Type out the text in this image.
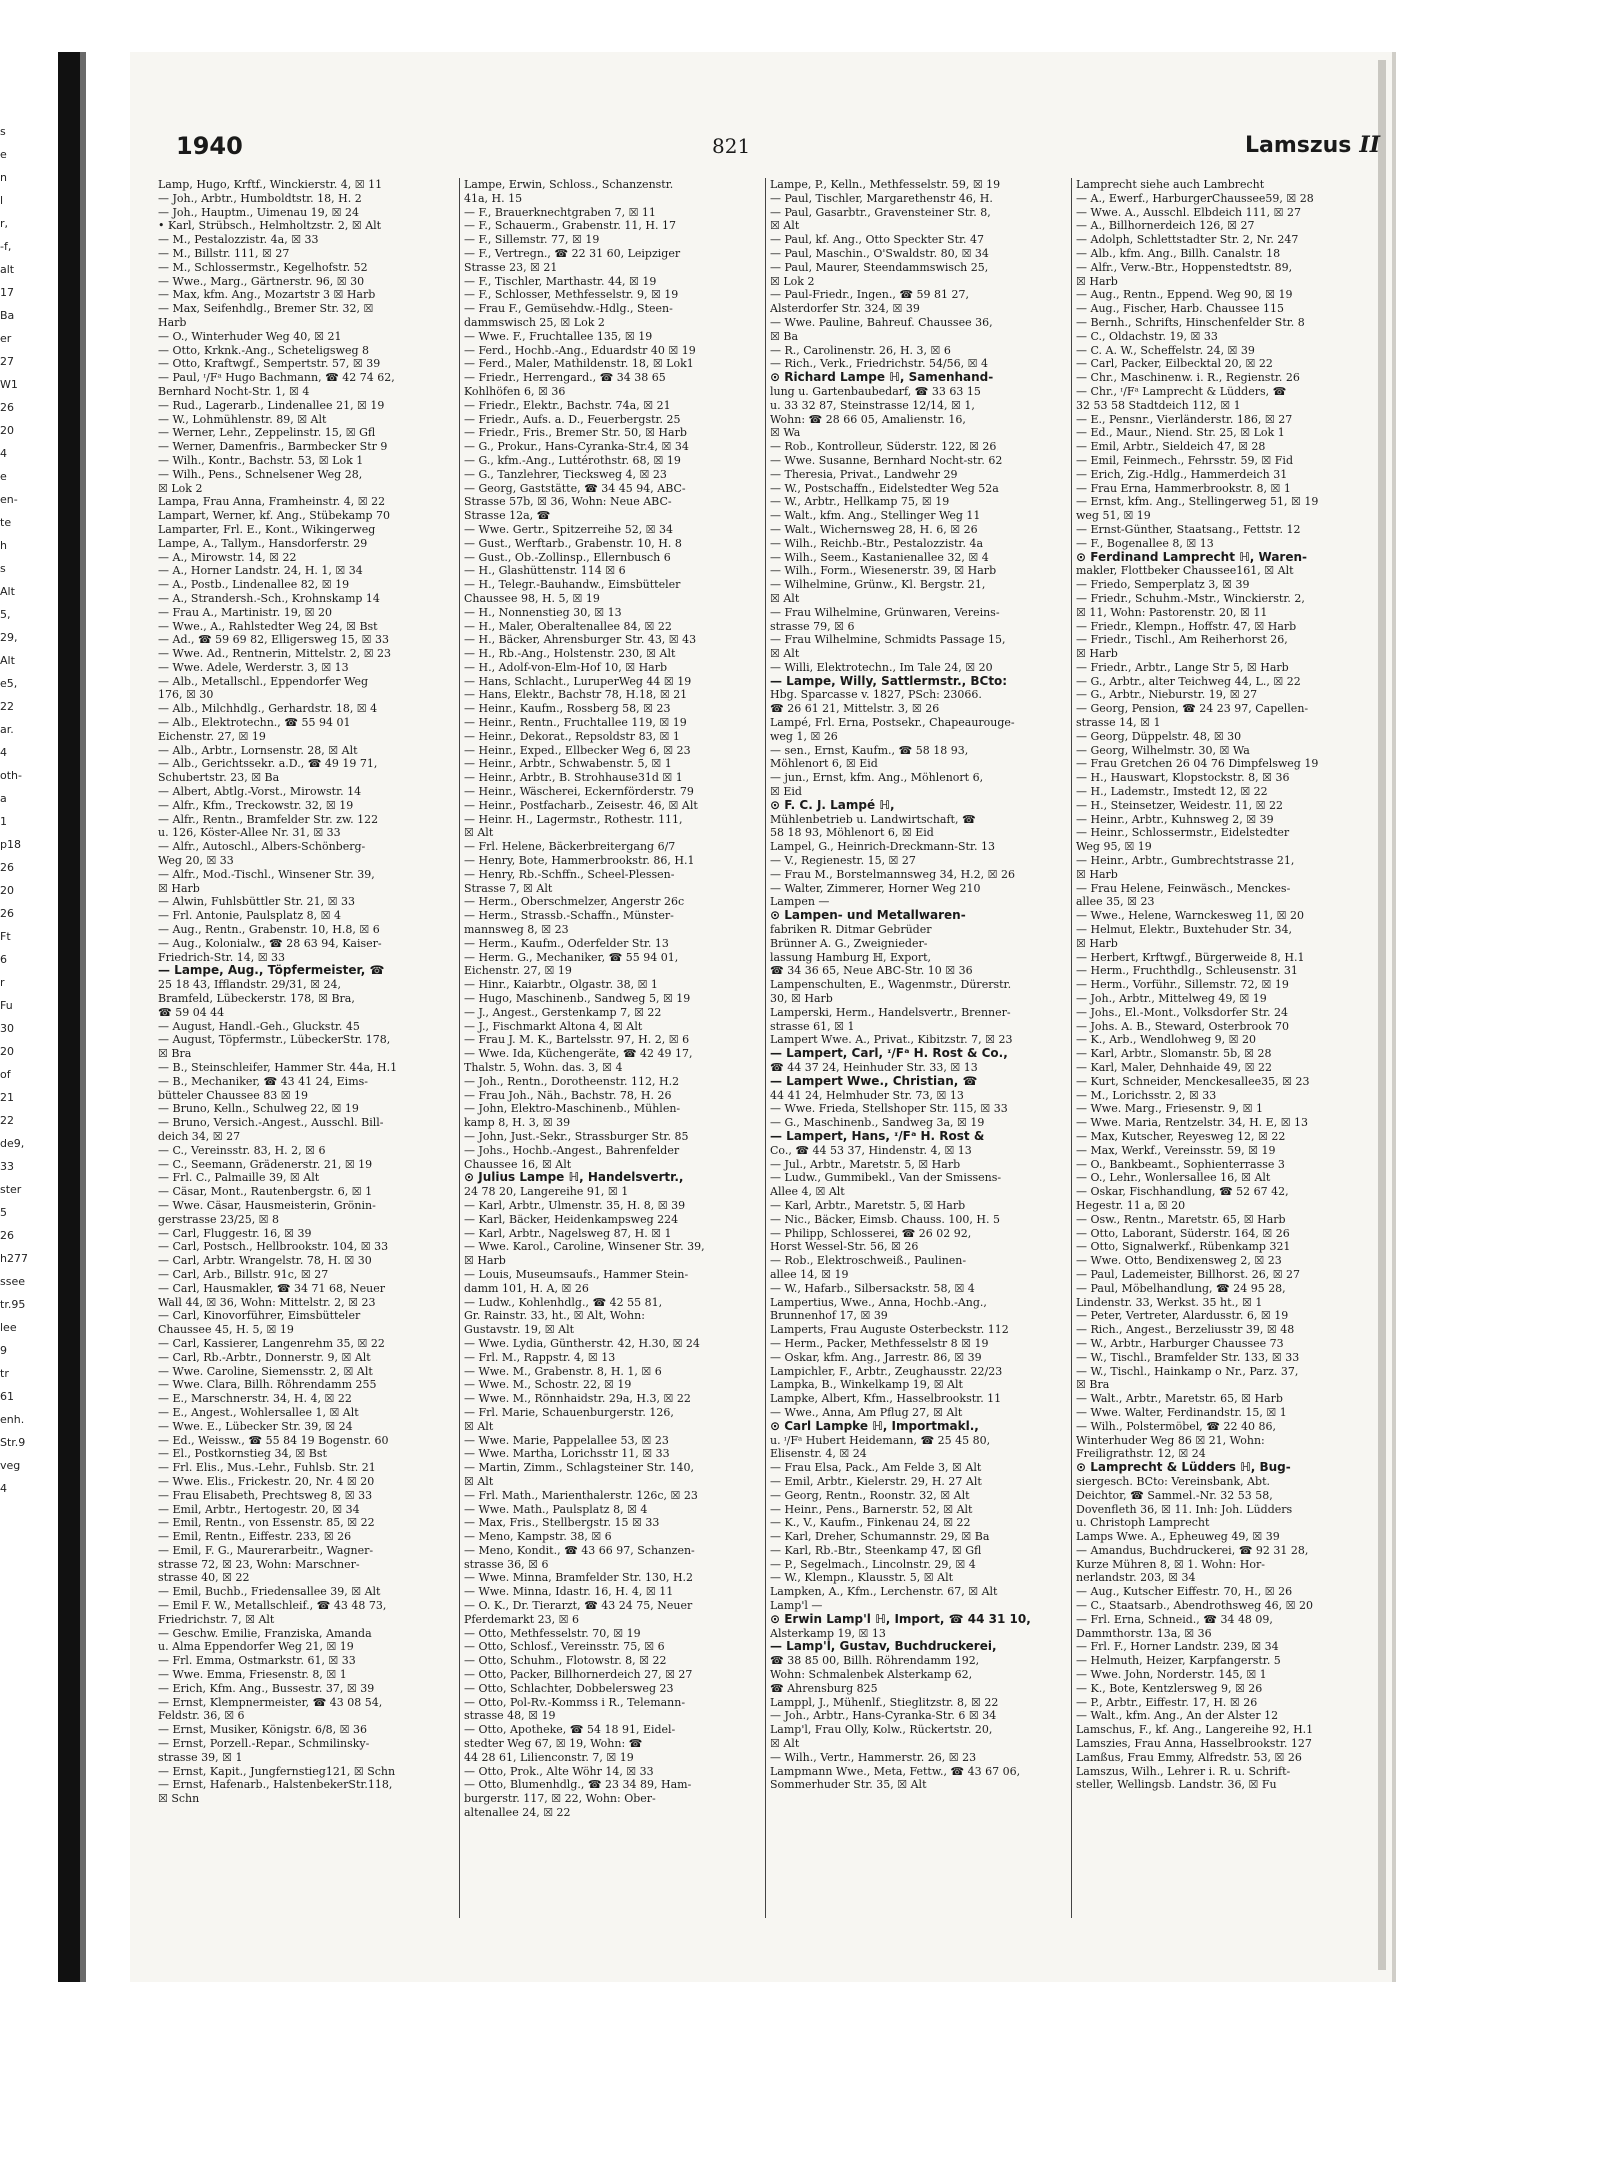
s
e
n
l
r,
-f,
alt
17
Ba
er
27
W1
26
20
4 e
en-
te
h
s
Alt
5,
29,
Alt
e5,
22
ar.
4
oth-
a
1
p18
26
20
26
Ft
6
r
Fu
30
20
of 21
22
de9,
33
ster
5
26
h277
ssee
tr.95
lee 9
tr 61
enh.
Str.9
veg 4
1940	821	Lamszus II
Lamp, Hugo, Krftf., Winckierstr. 4, ☒ 11
— Joh., Arbtr., Humboldtstr. 18, H. 2
— Joh., Hauptm., Uimenau 19, ☒ 24
• Karl, Strübsch., Helmholtzstr. 2, ☒ Alt
— M., Pestalozzistr. 4a, ☒ 33
— M., Billstr. 111, ☒ 27
— M., Schlossermstr., Kegelhofstr. 52
— Wwe., Marg., Gärtnerstr. 96, ☒ 30
— Max, kfm. Ang., Mozartstr 3 ☒ Harb
— Max, Seifenhdlg., Bremer Str. 32, ☒
Harb
— O., Winterhuder Weg 40, ☒ 21
— Otto, Krknk.-Ang., Scheteligsweg 8
— Otto, Kraftwgf., Sempertstr. 57, ☒ 39
— Paul, ᶦ/Fᵃ Hugo Bachmann, ☎ 42 74 62,
Bernhard Nocht-Str. 1, ☒ 4
— Rud., Lagerarb., Lindenallee 21, ☒ 19
— W., Lohmühlenstr. 89, ☒ Alt
— Werner, Lehr., Zeppelinstr. 15, ☒ Gfl
— Werner, Damenfris., Barmbecker Str 9
— Wilh., Kontr., Bachstr. 53, ☒ Lok 1
— Wilh., Pens., Schnelsener Weg 28,
☒ Lok 2
Lampa, Frau Anna, Framheinstr. 4, ☒ 22
Lampart, Werner, kf. Ang., Stübekamp 70
Lamparter, Frl. E., Kont., Wikingerweg
Lampe, A., Tallym., Hansdorferstr. 29
— A., Mirowstr. 14, ☒ 22
— A., Horner Landstr. 24, H. 1, ☒ 34
— A., Postb., Lindenallee 82, ☒ 19
— A., Strandersh.-Sch., Krohnskamp 14
— Frau A., Martinistr. 19, ☒ 20
— Wwe., A., Rahlstedter Weg 24, ☒ Bst
— Ad., ☎ 59 69 82, Elligersweg 15, ☒ 33
— Wwe. Ad., Rentnerin, Mittelstr. 2, ☒ 23
— Wwe. Adele, Werderstr. 3, ☒ 13
— Alb., Metallschl., Eppendorfer Weg
176, ☒ 30
— Alb., Milchhdlg., Gerhardstr. 18, ☒ 4
— Alb., Elektrotechn., ☎ 55 94 01
Eichenstr. 27, ☒ 19
— Alb., Arbtr., Lornsenstr. 28, ☒ Alt
— Alb., Gerichtssekr. a.D., ☎ 49 19 71,
Schubertstr. 23, ☒ Ba
— Albert, Abtlg.-Vorst., Mirowstr. 14
— Alfr., Kfm., Treckowstr. 32, ☒ 19
— Alfr., Rentn., Bramfelder Str. zw. 122
u. 126, Köster-Allee Nr. 31, ☒ 33
— Alfr., Autoschl., Albers-Schönberg-
Weg 20, ☒ 33
— Alfr., Mod.-Tischl., Winsener Str. 39,
☒ Harb
— Alwin, Fuhlsbüttler Str. 21, ☒ 33
— Frl. Antonie, Paulsplatz 8, ☒ 4
— Aug., Rentn., Grabenstr. 10, H.8, ☒ 6
— Aug., Kolonialw., ☎ 28 63 94, Kaiser-
Friedrich-Str. 14, ☒ 33
— Lampe, Aug., Töpfermeister, ☎
25 18 43, Ifflandstr. 29/31, ☒ 24,
Bramfeld, Lübeckerstr. 178, ☒ Bra,
☎ 59 04 44
— August, Handl.-Geh., Gluckstr. 45
— August, Töpfermstr., LübeckerStr. 178,
☒ Bra
— B., Steinschleifer, Hammer Str. 44a, H.1
— B., Mechaniker, ☎ 43 41 24, Eims-
bütteler Chaussee 83 ☒ 19
— Bruno, Kelln., Schulweg 22, ☒ 19
— Bruno, Versich.-Angest., Ausschl. Bill-
deich 34, ☒ 27
— C., Vereinsstr. 83, H. 2, ☒ 6
— C., Seemann, Grädenerstr. 21, ☒ 19
— Frl. C., Palmaille 39, ☒ Alt
— Cäsar, Mont., Rautenbergstr. 6, ☒ 1
— Wwe. Cäsar, Hausmeisterin, Grönin-
gerstrasse 23/25, ☒ 8
— Carl, Fluggestr. 16, ☒ 39
— Carl, Postsch., Hellbrookstr. 104, ☒ 33
— Carl, Arbtr. Wrangelstr. 78, H. ☒ 30
— Carl, Arb., Billstr. 91c, ☒ 27
— Carl, Hausmakler, ☎ 34 71 68, Neuer
Wall 44, ☒ 36, Wohn: Mittelstr. 2, ☒ 23
— Carl, Kinovorführer, Eimsbütteler
Chaussee 45, H. 5, ☒ 19
— Carl, Kassierer, Langenrehm 35, ☒ 22
— Carl, Rb.-Arbtr., Donnerstr. 9, ☒ Alt
— Wwe. Caroline, Siemensstr. 2, ☒ Alt
— Wwe. Clara, Billh. Röhrendamm 255
— E., Marschnerstr. 34, H. 4, ☒ 22
— E., Angest., Wohlersallee 1, ☒ Alt
— Wwe. E., Lübecker Str. 39, ☒ 24
— Ed., Weissw., ☎ 55 84 19 Bogenstr. 60
— El., Postkornstieg 34, ☒ Bst
— Frl. Elis., Mus.-Lehr., Fuhlsb. Str. 21
— Wwe. Elis., Frickestr. 20, Nr. 4 ☒ 20
— Frau Elisabeth, Prechtsweg 8, ☒ 33
— Emil, Arbtr., Hertogestr. 20, ☒ 34
— Emil, Rentn., von Essenstr. 85, ☒ 22
— Emil, Rentn., Eiffestr. 233, ☒ 26
— Emil, F. G., Maurerarbeitr., Wagner-
strasse 72, ☒ 23, Wohn: Marschner-
strasse 40, ☒ 22
— Emil, Buchb., Friedensallee 39, ☒ Alt
— Emil F. W., Metallschleif., ☎ 43 48 73,
Friedrichstr. 7, ☒ Alt
— Geschw. Emilie, Franziska, Amanda
u. Alma Eppendorfer Weg 21, ☒ 19
— Frl. Emma, Ostmarkstr. 61, ☒ 33
— Wwe. Emma, Friesenstr. 8, ☒ 1
— Erich, Kfm. Ang., Bussestr. 37, ☒ 39
— Ernst, Klempnermeister, ☎ 43 08 54,
Feldstr. 36, ☒ 6
— Ernst, Musiker, Königstr. 6/8, ☒ 36
— Ernst, Porzell.-Repar., Schmilinsky-
strasse 39, ☒ 1
— Ernst, Kapit., Jungfernstieg121, ☒ Schn
— Ernst, Hafenarb., HalstenbekerStr.118,
☒ Schn
Lampe, Erwin, Schloss., Schanzenstr.
41a, H. 15
— F., Brauerknechtgraben 7, ☒ 11
— F., Schauerm., Grabenstr. 11, H. 17
— F., Sillemstr. 77, ☒ 19
— F., Vertregn., ☎ 22 31 60, Leipziger
Strasse 23, ☒ 21
— F., Tischler, Marthastr. 44, ☒ 19
— F., Schlosser, Methfesselstr. 9, ☒ 19
— Frau F., Gemüsehdw.-Hdlg., Steen-
dammswisch 25, ☒ Lok 2
— Wwe. F., Fruchtallee 135, ☒ 19
— Ferd., Hochb.-Ang., Eduardstr 40 ☒ 19
— Ferd., Maler, Mathildenstr. 18, ☒ Lok1
— Friedr., Herrengard., ☎ 34 38 65
Kohlhöfen 6, ☒ 36
— Friedr., Elektr., Bachstr. 74a, ☒ 21
— Friedr., Aufs. a. D., Feuerbergstr. 25
— Friedr., Fris., Bremer Str. 50, ☒ Harb
— G., Prokur., Hans-Cyranka-Str.4, ☒ 34
— G., kfm.-Ang., Luttérothstr. 68, ☒ 19
— G., Tanzlehrer, Tiecksweg 4, ☒ 23
— Georg, Gaststätte, ☎ 34 45 94, ABC-
Strasse 57b, ☒ 36, Wohn: Neue ABC-
Strasse 12a, ☎
— Wwe. Gertr., Spitzerreihe 52, ☒ 34
— Gust., Werftarb., Grabenstr. 10, H. 8
— Gust., Ob.-Zollinsp., Ellernbusch 6
— H., Glashüttenstr. 114 ☒ 6
— H., Telegr.-Bauhandw., Eimsbütteler
Chaussee 98, H. 5, ☒ 19
— H., Nonnenstieg 30, ☒ 13
— H., Maler, Oberaltenallee 84, ☒ 22
— H., Bäcker, Ahrensburger Str. 43, ☒ 43
— H., Rb.-Ang., Holstenstr. 230, ☒ Alt
— H., Adolf-von-Elm-Hof 10, ☒ Harb
— Hans, Schlacht., LuruperWeg 44 ☒ 19
— Hans, Elektr., Bachstr 78, H.18, ☒ 21
— Heinr., Kaufm., Rossberg 58, ☒ 23
— Heinr., Rentn., Fruchtallee 119, ☒ 19
— Heinr., Dekorat., Repsoldstr 83, ☒ 1
— Heinr., Exped., Ellbecker Weg 6, ☒ 23
— Heinr., Arbtr., Schwabenstr. 5, ☒ 1
— Heinr., Arbtr., B. Strohhause31d ☒ 1
— Heinr., Wäscherei, Eckernförderstr. 79
— Heinr., Postfacharb., Zeisestr. 46, ☒ Alt
— Heinr. H., Lagermstr., Rothestr. 111,
☒ Alt
— Frl. Helene, Bäckerbreitergang 6/7
— Henry, Bote, Hammerbrookstr. 86, H.1
— Henry, Rb.-Schffn., Scheel-Plessen-
Strasse 7, ☒ Alt
— Herm., Oberschmelzer, Angerstr 26c
— Herm., Strassb.-Schaffn., Münster-
mannsweg 8, ☒ 23
— Herm., Kaufm., Oderfelder Str. 13
— Herm. G., Mechaniker, ☎ 55 94 01,
Eichenstr. 27, ☒ 19
— Hinr., Kaiarbtr., Olgastr. 38, ☒ 1
— Hugo, Maschinenb., Sandweg 5, ☒ 19
— J., Angest., Gerstenkamp 7, ☒ 22
— J., Fischmarkt Altona 4, ☒ Alt
— Frau J. M. K., Bartelsstr. 97, H. 2, ☒ 6
— Wwe. Ida, Küchengerätе, ☎ 42 49 17,
Thalstr. 5, Wohn. das. 3, ☒ 4
— Joh., Rentn., Dorotheenstr. 112, H.2
— Frau Joh., Näh., Bachstr. 78, H. 26
— John, Elektro-Maschinenb., Mühlen-
kamp 8, H. 3, ☒ 39
— John, Just.-Sekr., Strassburger Str. 85
— Johs., Hochb.-Angest., Bahrenfelder
Chaussee 16, ☒ Alt
⊙ Julius Lampe ℍ, Handelsvertr.,
24 78 20, Langereihe 91, ☒ 1
— Karl, Arbtr., Ulmenstr. 35, H. 8, ☒ 39
— Karl, Bäcker, Heidenkampsweg 224
— Karl, Arbtr., Nagelsweg 87, H. ☒ 1
— Wwe. Karol., Caroline, Winsener Str. 39,
☒ Harb
— Louis, Museumsaufs., Hammer Stein-
damm 101, H. A, ☒ 26
— Ludw., Kohlenhdlg., ☎ 42 55 81,
Gr. Rainstr. 33, ht., ☒ Alt, Wohn:
Gustavstr. 19, ☒ Alt
— Wwe. Lydia, Güntherstr. 42, H.30, ☒ 24
— Frl. M., Rappstr. 4, ☒ 13
— Wwe. M., Grabenstr. 8, H. 1, ☒ 6
— Wwe. M., Schostr. 22, ☒ 19
— Wwe. M., Rönnhaidstr. 29a, H.3, ☒ 22
— Frl. Marie, Schauenburgerstr. 126,
☒ Alt
— Wwe. Marie, Pappelallee 53, ☒ 23
— Wwe. Martha, Lorichsstr 11, ☒ 33
— Martin, Zimm., Schlagsteiner Str. 140,
☒ Alt
— Frl. Math., Marienthalerstr. 126c, ☒ 23
— Wwe. Math., Paulsplatz 8, ☒ 4
— Max, Fris., Stellbergstr. 15 ☒ 33
— Meno, Kampstr. 38, ☒ 6
— Meno, Kondit., ☎ 43 66 97, Schanzen-
strasse 36, ☒ 6
— Wwe. Minna, Bramfelder Str. 130, H.2
— Wwe. Minna, Idastr. 16, H. 4, ☒ 11
— O. K., Dr. Tierarzt, ☎ 43 24 75, Neuer
Pferdemarkt 23, ☒ 6
— Otto, Methfesselstr. 70, ☒ 19
— Otto, Schlosf., Vereinsstr. 75, ☒ 6
— Otto, Schuhm., Flotowstr. 8, ☒ 22
— Otto, Packer, Billhornerdeich 27, ☒ 27
— Otto, Schlachter, Dobbelersweg 23
— Otto, Pol-Rv.-Kommss i R., Telemann-
strasse 48, ☒ 19
— Otto, Apotheke, ☎ 54 18 91, Eidel-
stedter Weg 67, ☒ 19, Wohn: ☎
44 28 61, Lilienconstr. 7, ☒ 19
— Otto, Prok., Alte Wöhr 14, ☒ 33
— Otto, Blumenhdlg., ☎ 23 34 89, Ham-
burgerstr. 117, ☒ 22, Wohn: Ober-
altenallee 24, ☒ 22
Lampe, P., Kelln., Methfesselstr. 59, ☒ 19
— Paul, Tischler, Margarethenstr 46, H.
— Paul, Gasarbtr., Gravensteiner Str. 8,
☒ Alt
— Paul, kf. Ang., Otto Speckter Str. 47
— Paul, Maschin., O'Swaldstr. 80, ☒ 34
— Paul, Maurer, Steendammswisch 25,
☒ Lok 2
— Paul-Friedr., Ingen., ☎ 59 81 27,
Alsterdorfer Str. 324, ☒ 39
— Wwe. Pauline, Bahreuf. Chaussee 36,
☒ Ba
— R., Carolinenstr. 26, H. 3, ☒ 6
— Rich., Verk., Friedrichstr. 54/56, ☒ 4
⊙ Richard Lampe ℍ, Samenhand-
lung u. Gartenbaubedarf, ☎ 33 63 15
u. 33 32 87, Steinstrasse 12/14, ☒ 1,
Wohn: ☎ 28 66 05, Amalienstr. 16,
☒ Wa
— Rob., Kontrolleur, Süderstr. 122, ☒ 26
— Wwe. Susanne, Bernhard Nocht-str. 62
— Theresia, Privat., Landwehr 29
— W., Postschaffn., Eidelstedter Weg 52a
— W., Arbtr., Hellkamp 75, ☒ 19
— Walt., kfm. Ang., Stellinger Weg 11
— Walt., Wichernsweg 28, H. 6, ☒ 26
— Wilh., Reichb.-Btr., Pestalozzistr. 4a
— Wilh., Seem., Kastanienallee 32, ☒ 4
— Wilh., Form., Wiesenerstr. 39, ☒ Harb
— Wilhelmine, Grünw., Kl. Bergstr. 21,
☒ Alt
— Frau Wilhelmine, Grünwaren, Vereins-
strasse 79, ☒ 6
— Frau Wilhelmine, Schmidts Passage 15,
☒ Alt
— Willi, Elektrotechn., Im Tale 24, ☒ 20
— Lampe, Willy, Sattlermstr., BCto:
Hbg. Sparcasse v. 1827, PSch: 23066.
☎ 26 61 21, Mittelstr. 3, ☒ 26
Lampé, Frl. Erna, Postsekr., Chapeaurouge-
weg 1, ☒ 26
— sen., Ernst, Kaufm., ☎ 58 18 93,
Möhlenort 6, ☒ Eid
— jun., Ernst, kfm. Ang., Möhlenort 6,
☒ Eid
⊙ F. C. J. Lampé ℍ,
Mühlenbetrieb u. Landwirtschaft, ☎
58 18 93, Möhlenort 6, ☒ Eid
Lampel, G., Heinrich-Dreckmann-Str. 13
— V., Regienestr. 15, ☒ 27
— Frau M., Borstelmannsweg 34, H.2, ☒ 26
— Walter, Zimmerer, Horner Weg 210
Lampen —
⊙ Lampen- und Metallwaren-
fabriken R. Ditmar Gebrüder
Brünner A. G., Zweignieder-
lassung Hamburg ℍ, Export,
☎ 34 36 65, Neue ABC-Str. 10 ☒ 36
Lampenschulten, E., Wagenmstr., Dürerstr.
30, ☒ Harb
Lamperski, Herm., Handelsvertr., Brenner-
strasse 61, ☒ 1
Lampert Wwe. A., Privat., Kibitzstr. 7, ☒ 23
— Lampert, Carl, ᶦ/Fᵃ H. Rost & Co.,
☎ 44 37 24, Heinhuder Str. 33, ☒ 13
— Lampert Wwe., Christian, ☎
44 41 24, Helmhuder Str. 73, ☒ 13
— Wwe. Frieda, Stellshoper Str. 115, ☒ 33
— G., Maschinenb., Sandweg 3a, ☒ 19
— Lampert, Hans, ᶦ/Fᵃ H. Rost &
Co., ☎ 44 53 37, Hindenstr. 4, ☒ 13
— Jul., Arbtr., Maretstr. 5, ☒ Harb
— Ludw., Gummibekl., Van der Smissens-
Allee 4, ☒ Alt
— Karl, Arbtr., Maretstr. 5, ☒ Harb
— Nic., Bäcker, Eimsb. Chauss. 100, H. 5
— Philipp, Schlosserei, ☎ 26 02 92,
Horst Wessel-Str. 56, ☒ 26
— Rob., Elektroschweiß., Paulinen-
allee 14, ☒ 19
— W., Hafarb., Silbersackstr. 58, ☒ 4
Lampertius, Wwe., Anna, Hochb.-Ang.,
Brunnenhof 17, ☒ 39
Lamperts, Frau Auguste Osterbeckstr. 112
— Herm., Packer, Methfesselstr 8 ☒ 19
— Oskar, kfm. Ang., Jarrestr. 86, ☒ 39
Lampichler, F., Arbtr., Zeughausstr. 22/23
Lampka, B., Winkelkamp 19, ☒ Alt
Lampke, Albert, Kfm., Hasselbrookstr. 11
— Wwe., Anna, Am Pflug 27, ☒ Alt
⊙ Carl Lampke ℍ, Importmakl.,
u. ᶦ/Fᵃ Hubert Heidemann, ☎ 25 45 80,
Elisenstr. 4, ☒ 24
— Frau Elsa, Pack., Am Felde 3, ☒ Alt
— Emil, Arbtr., Kielerstr. 29, H. 27 Alt
— Georg, Rentn., Roonstr. 32, ☒ Alt
— Heinr., Pens., Barnerstr. 52, ☒ Alt
— K., V., Kaufm., Finkenau 24, ☒ 22
— Karl, Dreher, Schumannstr. 29, ☒ Ba
— Karl, Rb.-Btr., Steenkamp 47, ☒ Gfl
— P., Segelmach., Lincolnstr. 29, ☒ 4
— W., Klempn., Klausstr. 5, ☒ Alt
Lampken, A., Kfm., Lerchenstr. 67, ☒ Alt
Lamp'l —
⊙ Erwin Lamp'l ℍ, Import, ☎ 44 31 10,
Alsterkamp 19, ☒ 13
— Lamp'l, Gustav, Buchdruckerei,
☎ 38 85 00, Billh. Röhrendamm 192,
Wohn: Schmalenbek Alsterkamp 62,
☎ Ahrensburg 825
Lamppl, J., Mühenlf., Stieglitzstr. 8, ☒ 22
— Joh., Arbtr., Hans-Cyranka-Str. 6 ☒ 34
Lamp'l, Frau Olly, Kolw., Rückertstr. 20,
☒ Alt
— Wilh., Vertr., Hammerstr. 26, ☒ 23
Lampmann Wwe., Meta, Fettw., ☎ 43 67 06,
Sommerhuder Str. 35, ☒ Alt
Lamprecht siehe auch Lambrecht
— A., Ewerf., HarburgerChaussee59, ☒ 28
— Wwe. A., Ausschl. Elbdeich 111, ☒ 27
— A., Billhornerdeich 126, ☒ 27
— Adolph, Schlettstadter Str. 2, Nr. 247
— Alb., kfm. Ang., Billh. Canalstr. 18
— Alfr., Verw.-Btr., Hoppenstedtstr. 89,
☒ Harb
— Aug., Rentn., Eppend. Weg 90, ☒ 19
— Aug., Fischer, Harb. Chaussee 115
— Bernh., Schrifts, Hinschenfelder Str. 8
— C., Oldachstr. 19, ☒ 33
— C. A. W., Scheffelstr. 24, ☒ 39
— Carl, Packer, Eilbecktal 20, ☒ 22
— Chr., Maschinenw. i. R., Regienstr. 26
— Chr., ᶦ/Fᵃ Lamprecht & Lüdders, ☎
32 53 58 Stadtdeich 112, ☒ 1
— E., Pensnr., Vierländerstr. 186, ☒ 27
— Ed., Maur., Niend. Str. 25, ☒ Lok 1
— Emil, Arbtr., Sieldeich 47, ☒ 28
— Emil, Feinmech., Fehrsstr. 59, ☒ Fid
— Erich, Zig.-Hdlg., Hammerdeich 31
— Frau Erna, Hammerbrookstr. 8, ☒ 1
— Ernst, kfm. Ang., Stellingerweg 51, ☒ 19
weg 51, ☒ 19
— Ernst-Günther, Staatsang., Fettstr. 12
— F., Bogenallee 8, ☒ 13
⊙ Ferdinand Lamprecht ℍ, Waren-
makler, Flottbeker Chaussee161, ☒ Alt
— Friedo, Semperplatz 3, ☒ 39
— Friedr., Schuhm.-Mstr., Winckierstr. 2,
☒ 11, Wohn: Pastorenstr. 20, ☒ 11
— Friedr., Klempn., Hoffstr. 47, ☒ Harb
— Friedr., Tischl., Am Reiherhorst 26,
☒ Harb
— Friedr., Arbtr., Lange Str 5, ☒ Harb
— G., Arbtr., alter Teichweg 44, L., ☒ 22
— G., Arbtr., Nieburstr. 19, ☒ 27
— Georg, Pension, ☎ 24 23 97, Capellen-
strasse 14, ☒ 1
— Georg, Düppelstr. 48, ☒ 30
— Georg, Wilhelmstr. 30, ☒ Wa
— Frau Gretchen 26 04 76 Dimpfelsweg 19
— H., Hauswart, Klopstockstr. 8, ☒ 36
— H., Lademstr., Imstedt 12, ☒ 22
— H., Steinsetzer, Weidestr. 11, ☒ 22
— Heinr., Arbtr., Kuhnsweg 2, ☒ 39
— Heinr., Schlossermstr., Eidelstedter
Weg 95, ☒ 19
— Heinr., Arbtr., Gumbrechtstrasse 21,
☒ Harb
— Frau Helene, Feinwäsch., Menckes-
allee 35, ☒ 23
— Wwe., Helene, Warnckesweg 11, ☒ 20
— Helmut, Elektr., Buxtehuder Str. 34,
☒ Harb
— Herbert, Krftwgf., Bürgerweide 8, H.1
— Herm., Fruchthdlg., Schleusenstr. 31
— Herm., Vorführ., Sillemstr. 72, ☒ 19
— Joh., Arbtr., Mittelweg 49, ☒ 19
— Johs., El.-Mont., Volksdorfer Str. 24
— Johs. A. B., Steward, Osterbrook 70
— K., Arb., Wendlohweg 9, ☒ 20
— Karl, Arbtr., Slomanstr. 5b, ☒ 28
— Karl, Maler, Dehnhaide 49, ☒ 22
— Kurt, Schneider, Menckesallee35, ☒ 23
— M., Lorichsstr. 2, ☒ 33
— Wwe. Marg., Friesenstr. 9, ☒ 1
— Wwe. Maria, Rentzelstr. 34, H. E, ☒ 13
— Max, Kutscher, Reyesweg 12, ☒ 22
— Max, Werkf., Vereinsstr. 59, ☒ 19
— O., Bankbeamt., Sophienterrasse 3
— O., Lehr., Wonlersallee 16, ☒ Alt
— Oskar, Fischhandlung, ☎ 52 67 42,
Hegestr. 11 a, ☒ 20
— Osw., Rentn., Maretstr. 65, ☒ Harb
— Otto, Laborant, Süderstr. 164, ☒ 26
— Otto, Signalwerkf., Rübenkamp 321
— Wwe. Otto, Bendixensweg 2, ☒ 23
— Paul, Lademeister, Billhorst. 26, ☒ 27
— Paul, Möbelhandlung, ☎ 24 95 28,
Lindenstr. 33, Werkst. 35 ht., ☒ 1
— Peter, Vertreter, Alardusstr. 6, ☒ 19
— Rich., Angest., Berzeliusstr 39, ☒ 48
— W., Arbtr., Harburger Chaussee 73
— W., Tischl., Bramfelder Str. 133, ☒ 33
— W., Tischl., Hainkamp o Nr., Parz. 37,
☒ Bra
— Walt., Arbtr., Maretstr. 65, ☒ Harb
— Wwe. Walter, Ferdinandstr. 15, ☒ 1
— Wilh., Polstermöbel, ☎ 22 40 86,
Winterhuder Weg 86 ☒ 21, Wohn:
Freiligrathstr. 12, ☒ 24
⊙ Lamprecht & Lüdders ℍ, Bug-
siergesch. BCto: Vereinsbank, Abt.
Deichtor, ☎ Sammel.-Nr. 32 53 58,
Dovenfleth 36, ☒ 11. Inh: Joh. Lüdders
u. Christoph Lamprecht
Lamps Wwe. A., Epheuweg 49, ☒ 39
— Amandus, Buchdruckerei, ☎ 92 31 28,
Kurze Mühren 8, ☒ 1. Wohn: Hor-
nerlandstr. 203, ☒ 34
— Aug., Kutscher Eiffestr. 70, H., ☒ 26
— C., Staatsarb., Abendrothsweg 46, ☒ 20
— Frl. Erna, Schneid., ☎ 34 48 09,
Dammthorstr. 13a, ☒ 36
— Frl. F., Horner Landstr. 239, ☒ 34
— Helmuth, Heizer, Karpfangerstr. 5
— Wwe. John, Norderstr. 145, ☒ 1
— K., Bote, Kentzlersweg 9, ☒ 26
— P., Arbtr., Eiffestr. 17, H. ☒ 26
— Walt., kfm. Ang., An der Alster 12
Lamschus, F., kf. Ang., Langereihe 92, H.1
Lamszies, Frau Anna, Hasselbrookstr. 127
Lamßus, Frau Emmy, Alfredstr. 53, ☒ 26
Lamszus, Wilh., Lehrer i. R. u. Schrift-
steller, Wellingsb. Landstr. 36, ☒ Fu
